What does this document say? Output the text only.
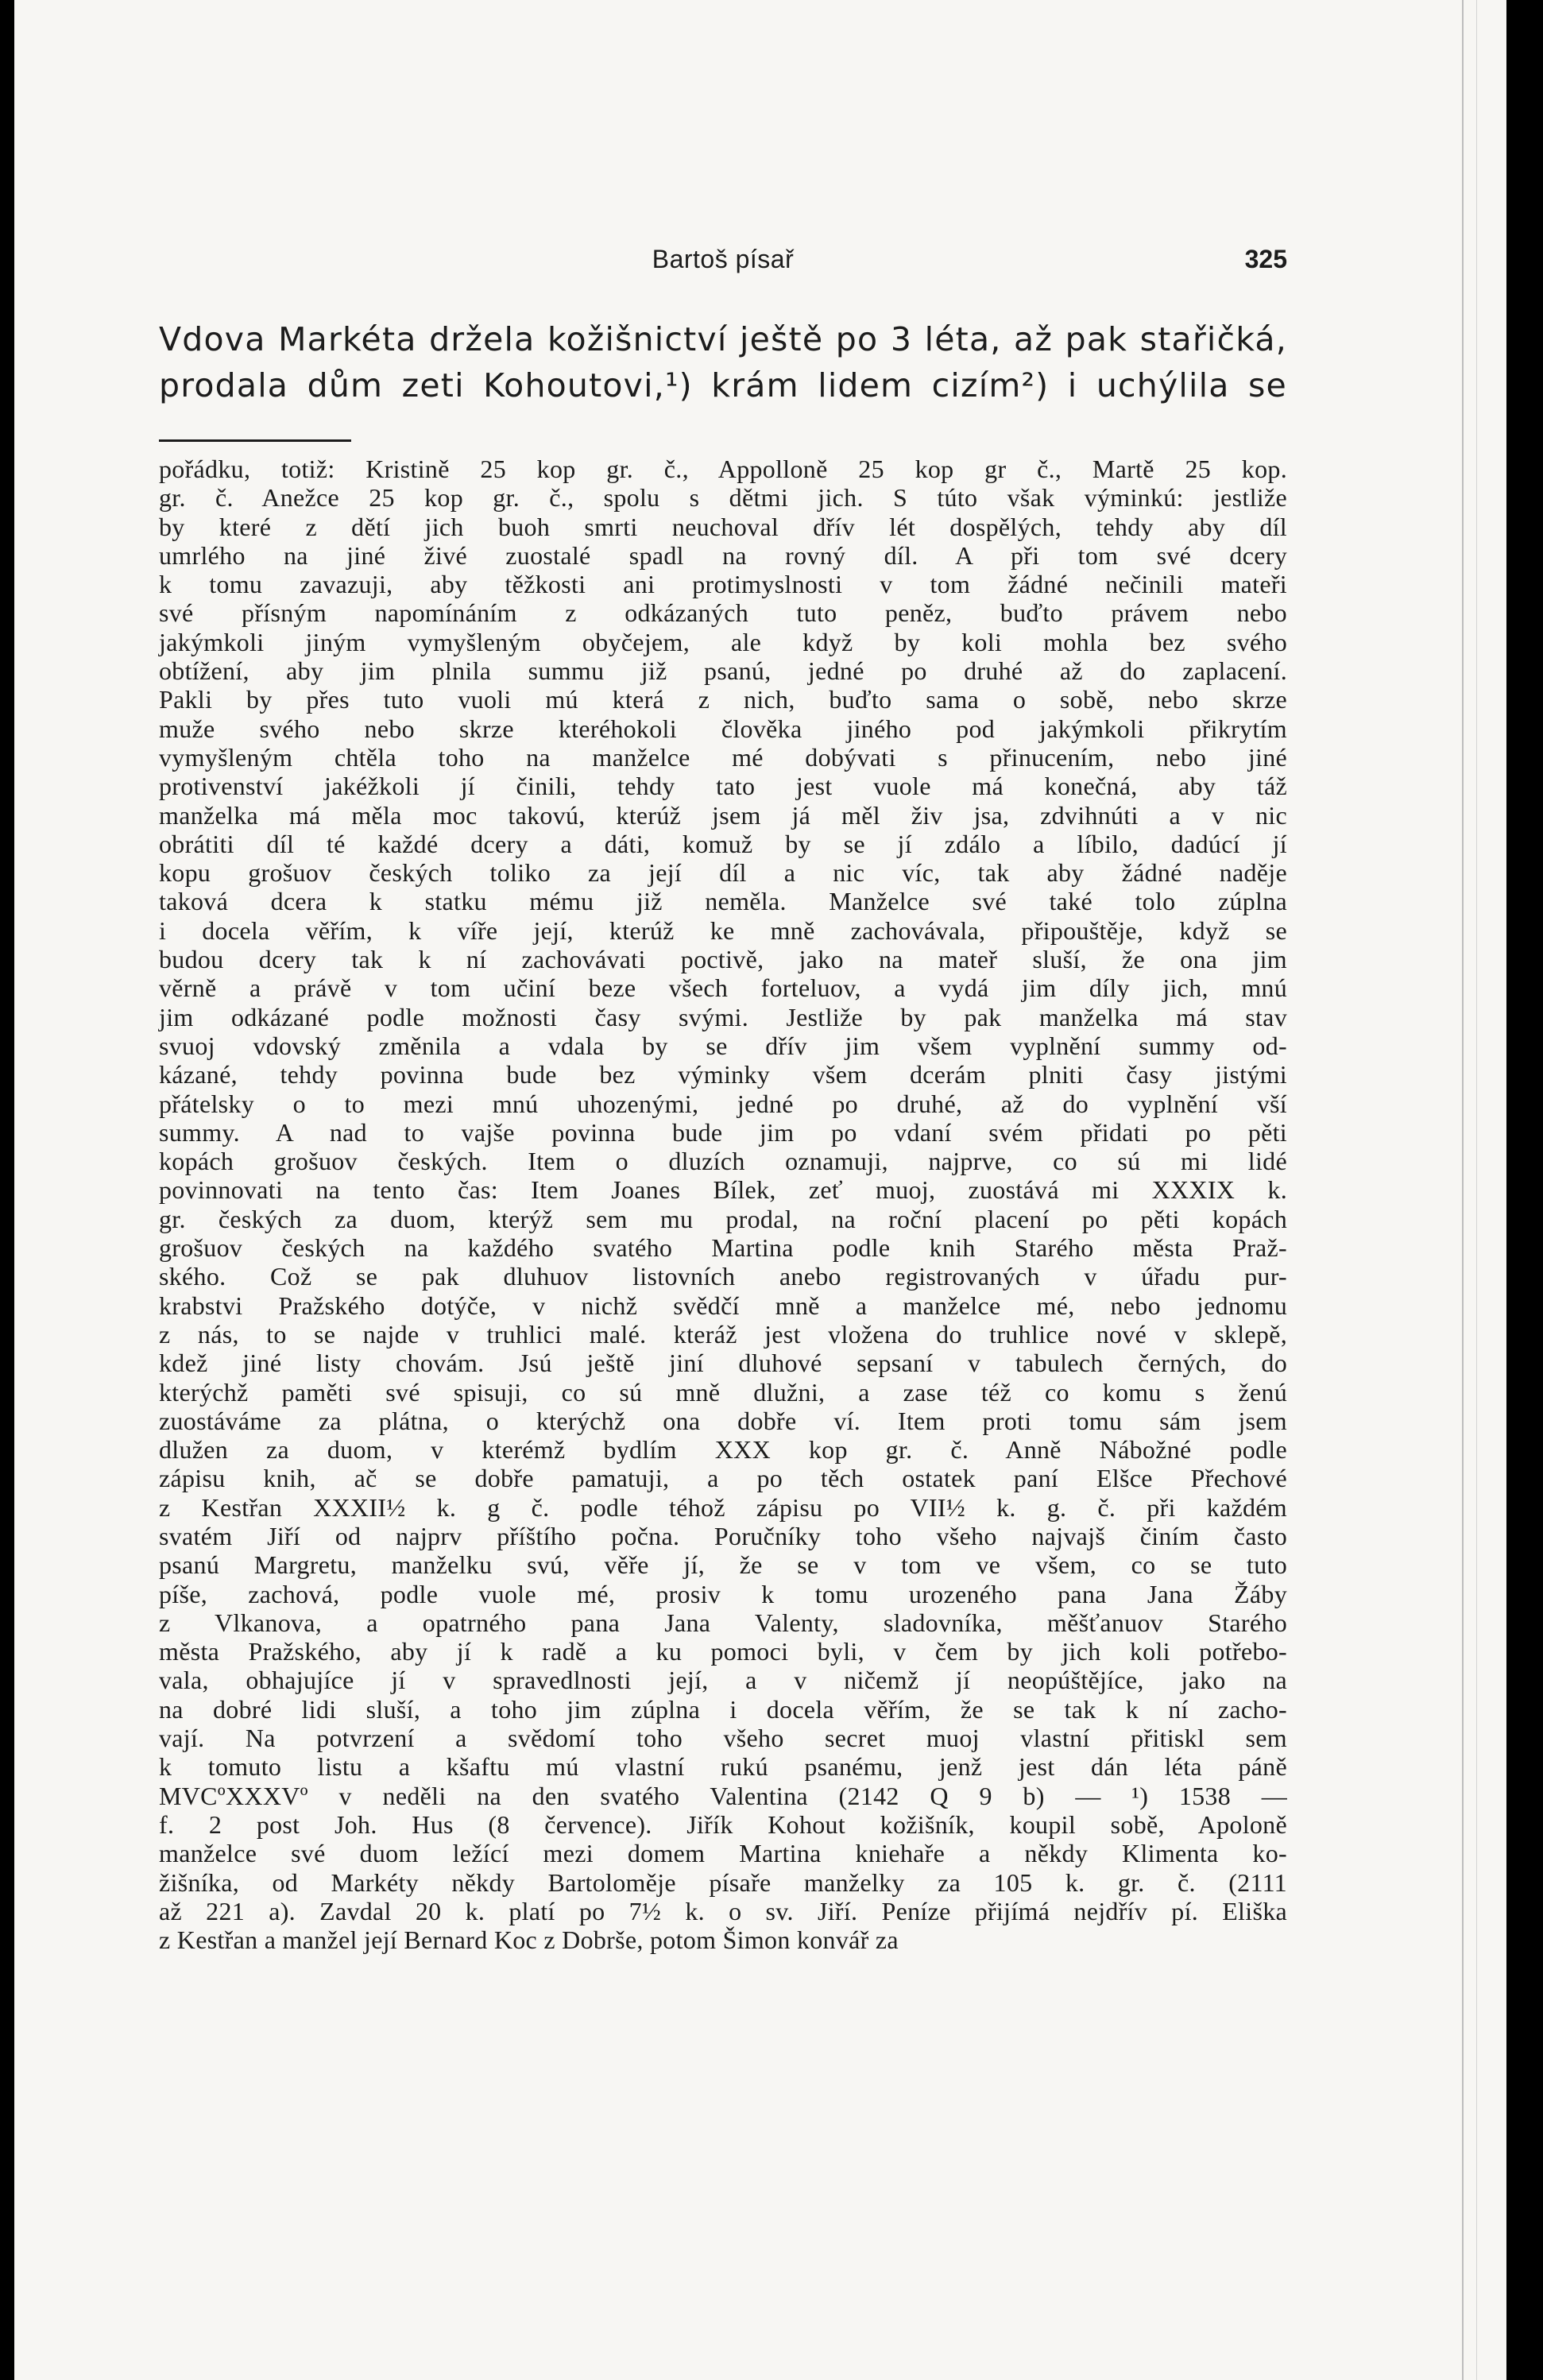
Bartoš písař	325

Vdova Markéta držela kožišnictví ještě po 3 léta, až pak stařičká, prodala dům zeti Kohoutovi,¹) krám lidem cizím²) i uchýlila se

pořádku, totiž: Kristině 25 kop gr. č., Appolloně 25 kop gr č., Martě 25 kop.
gr. č. Anežce 25 kop gr. č., spolu s dětmi jich. S túto však výminkú: jestliže
by které z dětí jich buoh smrti neuchoval dřív lét dospělých, tehdy aby díl
umrlého na jiné živé zuostalé spadl na rovný díl. A při tom své dcery
k tomu zavazuji, aby těžkosti ani protimyslnosti v tom žádné nečinili mateři
své přísným napomínáním z odkázaných tuto peněz, buďto právem nebo
jakýmkoli jiným vymyšleným obyčejem, ale když by koli mohla bez svého
obtížení, aby jim plnila summu již psanú, jedné po druhé až do zaplacení.
Pakli by přes tuto vuoli mú která z nich, buďto sama o sobě, nebo skrze
muže svého nebo skrze kteréhokoli člověka jiného pod jakýmkoli přikrytím
vymyšleným chtěla toho na manželce mé dobývati s přinucením, nebo jiné
protivenství jakéžkoli jí činili, tehdy tato jest vuole má konečná, aby táž
manželka má měla moc takovú, kterúž jsem já měl živ jsa, zdvihnúti a v nic
obrátiti díl té každé dcery a dáti, komuž by se jí zdálo a líbilo, dadúcí jí
kopu grošuov českých toliko za její díl a nic víc, tak aby žádné naděje
taková dcera k statku mému již neměla. Manželce své také tolo zúplna
i docela věřím, k víře její, kterúž ke mně zachovávala, připouštěje, když se
budou dcery tak k ní zachovávati poctivě, jako na mateř sluší, že ona jim
věrně a právě v tom učiní beze všech forteluov, a vydá jim díly jich, mnú
jim odkázané podle možnosti časy svými. Jestliže by pak manželka má stav
svuoj vdovský změnila a vdala by se dřív jim všem vyplnění summy od-
kázané, tehdy povinna bude bez výminky všem dcerám plniti časy jistými
přátelsky o to mezi mnú uhozenými, jedné po druhé, až do vyplnění vší
summy. A nad to vajše povinna bude jim po vdaní svém přidati po pěti
kopách grošuov českých. Item o dluzích oznamuji, najprve, co sú mi lidé
povinnovati na tento čas: Item Joanes Bílek, zeť muoj, zuostává mi XXXIX k.
gr. českých za duom, kterýž sem mu prodal, na roční placení po pěti kopách
grošuov českých na každého svatého Martina podle knih Starého města Praž-
ského. Což se pak dluhuov listovních anebo registrovaných v úřadu pur-
krabstvi Pražského dotýče, v nichž svědčí mně a manželce mé, nebo jednomu
z nás, to se najde v truhlici malé. kteráž jest vložena do truhlice nové v sklepě,
kdež jiné listy chovám. Jsú ještě jiní dluhové sepsaní v tabulech černých, do
kterýchž paměti své spisuji, co sú mně dlužni, a zase též co komu s ženú
zuostáváme za plátna, o kterýchž ona dobře ví. Item proti tomu sám jsem
dlužen za duom, v kterémž bydlím XXX kop gr. č. Anně Nábožné podle
zápisu knih, ač se dobře pamatuji, a po těch ostatek paní Elšce Přechové
z Kestřan XXXII½ k. g č. podle téhož zápisu po VII½ k. g. č. při každém
svatém Jiří od najprv příštího počna. Poručníky toho všeho najvajš činím často
psanú Margretu, manželku svú, věře jí, že se v tom ve všem, co se tuto
píše, zachová, podle vuole mé, prosiv k tomu urozeného pana Jana Žáby
z Vlkanova, a opatrného pana Jana Valenty, sladovníka, měšťanuov Starého
města Pražského, aby jí k radě a ku pomoci byli, v čem by jich koli potřebo-
vala, obhajujíce jí v spravedlnosti její, a v ničemž jí neopúštějíce, jako na
na dobré lidi sluší, a toho jim zúplna i docela věřím, že se tak k ní zacho-
vají. Na potvrzení a svědomí toho všeho secret muoj vlastní přitiskl sem
k tomuto listu a kšaftu mú vlastní rukú psanému, jenž jest dán léta páně
MVCºXXXVº v neděli na den svatého Valentina (2142 Q 9 b) — ¹) 1538 —
f. 2 post Joh. Hus (8 července). Jiřík Kohout kožišník, koupil sobě, Apoloně
manželce své duom ležící mezi domem Martina kniehaře a někdy Klimenta ko-
žišníka, od Markéty někdy Bartoloměje písaře manželky za 105 k. gr. č. (2111
až 221 a). Zavdal 20 k. platí po 7½ k. o sv. Jiří. Peníze přijímá nejdřív pí. Eliška
z Kestřan a manžel její Bernard Koc z Dobrše, potom Šimon konvář za
